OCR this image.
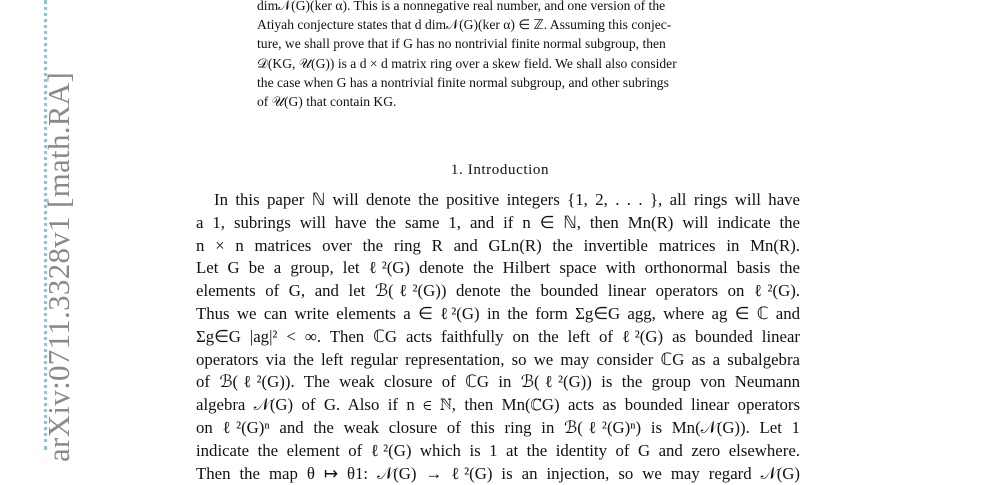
arXiv:0711.3328v1 [math.RA]
dim𝒩(G)(ker α). This is a nonnegative real number, and one version of the
Atiyah conjecture states that d dim𝒩(G)(ker α) ∈ ℤ. Assuming this conjec-
ture, we shall prove that if G has no nontrivial finite normal subgroup, then
𝒟(KG, 𝒰(G)) is a d × d matrix ring over a skew field. We shall also consider
the case when G has a nontrivial finite normal subgroup, and other subrings
of 𝒰(G) that contain KG.
1. Introduction
In this paper ℕ will denote the positive integers {1, 2, . . . }, all rings will have
a 1, subrings will have the same 1, and if n ∈ ℕ, then Mn(R) will indicate the
n × n matrices over the ring R and GLn(R) the invertible matrices in Mn(R).
Let G be a group, let ℓ²(G) denote the Hilbert space with orthonormal basis the
elements of G, and let ℬ(ℓ²(G)) denote the bounded linear operators on ℓ²(G).
Thus we can write elements a ∈ ℓ²(G) in the form Σg∈G agg, where ag ∈ ℂ and
Σg∈G |ag|² < ∞. Then ℂG acts faithfully on the left of ℓ²(G) as bounded linear
operators via the left regular representation, so we may consider ℂG as a subalgebra
of ℬ(ℓ²(G)). The weak closure of ℂG in ℬ(ℓ²(G)) is the group von Neumann
algebra 𝒩(G) of G. Also if n ∈ ℕ, then Mn(ℂG) acts as bounded linear operators
on ℓ²(G)ⁿ and the weak closure of this ring in ℬ(ℓ²(G)ⁿ) is Mn(𝒩(G)). Let 1
indicate the element of ℓ²(G) which is 1 at the identity of G and zero elsewhere.
Then the map θ ↦ θ1: 𝒩(G) → ℓ²(G) is an injection, so we may regard 𝒩(G)
